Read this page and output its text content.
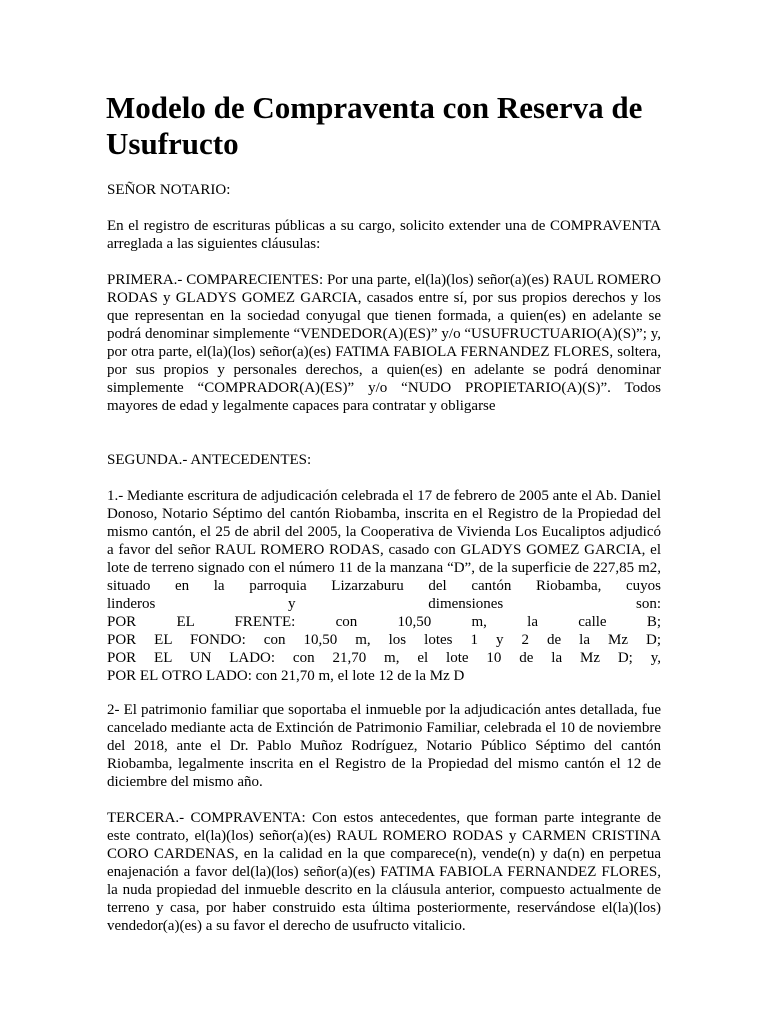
Modelo de Compraventa con Reserva de Usufructo

SEÑOR NOTARIO:

En el registro de escrituras públicas a su cargo, solicito extender una de COMPRAVENTA arreglada a las siguientes cláusulas:

PRIMERA.- COMPARECIENTES: Por una parte, el(la)(los) señor(a)(es) RAUL ROMERO RODAS y GLADYS GOMEZ GARCIA, casados entre sí, por sus propios derechos y los que representan en la sociedad conyugal que tienen formada, a quien(es) en adelante se podrá denominar simplemente “VENDEDOR(A)(ES)” y/o “USUFRUCTUARIO(A)(S)”; y, por otra parte, el(la)(los) señor(a)(es) FATIMA FABIOLA FERNANDEZ FLORES, soltera, por sus propios y personales derechos, a quien(es) en adelante se podrá denominar simplemente “COMPRADOR(A)(ES)” y/o “NUDO PROPIETARIO(A)(S)”. Todos mayores de edad y legalmente capaces para contratar y obligarse

SEGUNDA.- ANTECEDENTES:

1.- Mediante escritura de adjudicación celebrada el 17 de febrero de 2005 ante el Ab. Daniel Donoso, Notario Séptimo del cantón Riobamba, inscrita en el Registro de la Propiedad del mismo cantón, el 25 de abril del 2005, la Cooperativa de Vivienda Los Eucaliptos adjudicó a favor del señor RAUL ROMERO RODAS, casado con GLADYS GOMEZ GARCIA, el lote de terreno signado con el número 11 de la manzana “D”, de la superficie de 227,85 m2, situado en la parroquia Lizarzaburu del cantón Riobamba, cuyos

linderos y dimensiones son:
POR EL FRENTE: con 10,50 m, la calle B;
POR EL FONDO: con 10,50 m, los lotes 1 y 2 de la Mz D;
POR EL UN LADO: con 21,70 m, el lote 10 de la Mz D; y,
POR EL OTRO LADO: con 21,70 m, el lote 12 de la Mz D

2- El patrimonio familiar que soportaba el inmueble por la adjudicación antes detallada, fue cancelado mediante acta de Extinción de Patrimonio Familiar, celebrada el 10 de noviembre del 2018, ante el Dr. Pablo Muñoz Rodríguez, Notario Público Séptimo del cantón Riobamba, legalmente inscrita en el Registro de la Propiedad del mismo cantón el 12 de diciembre del mismo año.

TERCERA.- COMPRAVENTA: Con estos antecedentes, que forman parte integrante de este contrato, el(la)(los) señor(a)(es) RAUL ROMERO RODAS y CARMEN CRISTINA CORO CARDENAS, en la calidad en la que comparece(n), vende(n) y da(n) en perpetua enajenación a favor del(la)(los) señor(a)(es) FATIMA FABIOLA FERNANDEZ FLORES, la nuda propiedad del inmueble descrito en la cláusula anterior, compuesto actualmente de terreno y casa, por haber construido esta última posteriormente, reservándose el(la)(los) vendedor(a)(es) a su favor el derecho de usufructo vitalicio.
